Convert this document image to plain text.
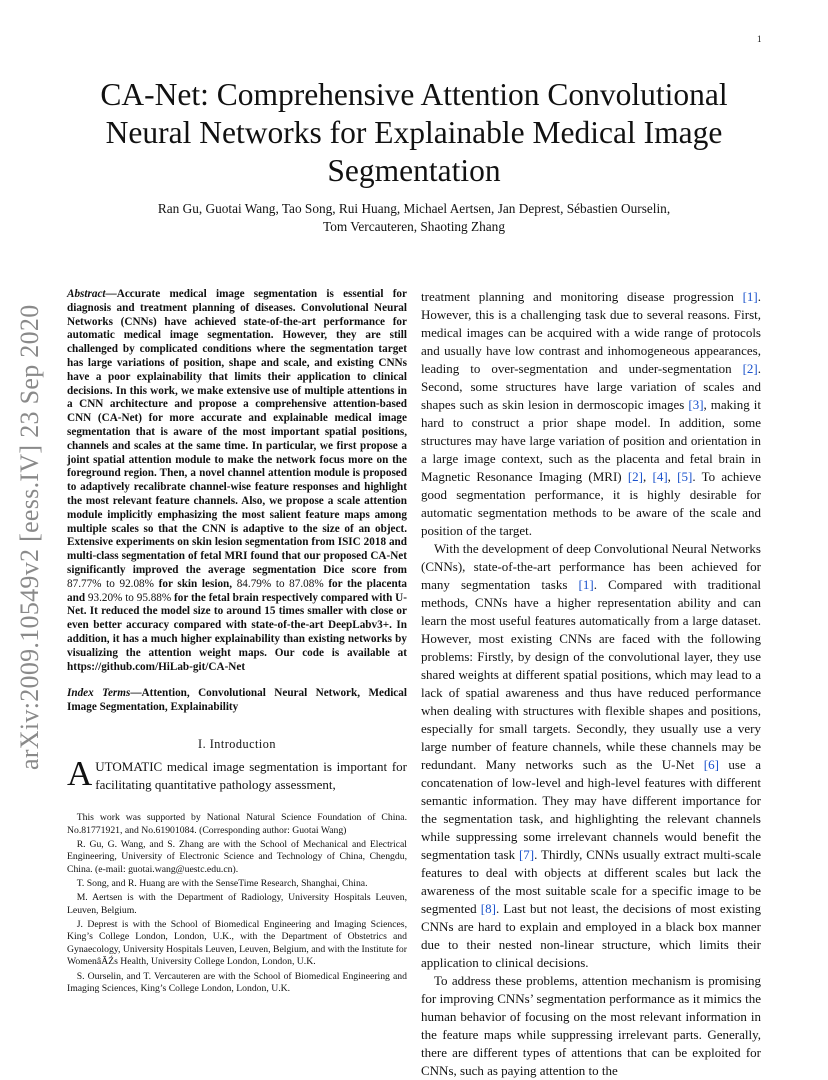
1
arXiv:2009.10549v2 [eess.IV] 23 Sep 2020
CA-Net: Comprehensive Attention Convolutional
Neural Networks for Explainable Medical Image
Segmentation
Ran Gu, Guotai Wang, Tao Song, Rui Huang, Michael Aertsen, Jan Deprest, Sébastien Ourselin,
Tom Vercauteren, Shaoting Zhang

Abstract—Accurate medical image segmentation is essential for diagnosis and treatment planning of diseases. Convolutional Neural Networks (CNNs) have achieved state-of-the-art performance for automatic medical image segmentation. However, they are still challenged by complicated conditions where the segmentation target has large variations of position, shape and scale, and existing CNNs have a poor explainability that limits their application to clinical decisions. In this work, we make extensive use of multiple attentions in a CNN architecture and propose a comprehensive attention-based CNN (CA-Net) for more accurate and explainable medical image segmentation that is aware of the most important spatial positions, channels and scales at the same time. In particular, we first propose a joint spatial attention module to make the network focus more on the foreground region. Then, a novel channel attention module is proposed to adaptively recalibrate channel-wise feature responses and highlight the most relevant feature channels. Also, we propose a scale attention module implicitly emphasizing the most salient feature maps among multiple scales so that the CNN is adaptive to the size of an object. Extensive experiments on skin lesion segmentation from ISIC 2018 and multi-class segmentation of fetal MRI found that our proposed CA-Net significantly improved the average segmentation Dice score from 87.77% to 92.08% for skin lesion, 84.79% to 87.08% for the placenta and 93.20% to 95.88% for the fetal brain respectively compared with U-Net. It reduced the model size to around 15 times smaller with close or even better accuracy compared with state-of-the-art DeepLabv3+. In addition, it has a much higher explainability than existing networks by visualizing the attention weight maps. Our code is available at https://github.com/HiLab-git/CA-Net

Index Terms—Attention, Convolutional Neural Network, Medical Image Segmentation, Explainability

I. Introduction

AUTOMATIC medical image segmentation is important for facilitating quantitative pathology assessment,

This work was supported by National Natural Science Foundation of China. No.81771921, and No.61901084. (Corresponding author: Guotai Wang)

R. Gu, G. Wang, and S. Zhang are with the School of Mechanical and Electrical Engineering, University of Electronic Science and Technology of China, Chengdu, China. (e-mail: guotai.wang@uestc.edu.cn).

T. Song, and R. Huang are with the SenseTime Research, Shanghai, China.

M. Aertsen is with the Department of Radiology, University Hospitals Leuven, Leuven, Belgium.

J. Deprest is with the School of Biomedical Engineering and Imaging Sciences, King’s College London, London, U.K., with the Department of Obstetrics and Gynaecology, University Hospitals Leuven, Leuven, Belgium, and with the Institute for WomenâĂŹs Health, University College London, London, U.K.

S. Ourselin, and T. Vercauteren are with the School of Biomedical Engineering and Imaging Sciences, King’s College London, London, U.K.

treatment planning and monitoring disease progression [1]. However, this is a challenging task due to several reasons. First, medical images can be acquired with a wide range of protocols and usually have low contrast and inhomogeneous appearances, leading to over-segmentation and under-segmentation [2]. Second, some structures have large variation of scales and shapes such as skin lesion in dermoscopic images [3], making it hard to construct a prior shape model. In addition, some structures may have large variation of position and orientation in a large image context, such as the placenta and fetal brain in Magnetic Resonance Imaging (MRI) [2], [4], [5]. To achieve good segmentation performance, it is highly desirable for automatic segmentation methods to be aware of the scale and position of the target.

With the development of deep Convolutional Neural Networks (CNNs), state-of-the-art performance has been achieved for many segmentation tasks [1]. Compared with traditional methods, CNNs have a higher representation ability and can learn the most useful features automatically from a large dataset. However, most existing CNNs are faced with the following problems: Firstly, by design of the convolutional layer, they use shared weights at different spatial positions, which may lead to a lack of spatial awareness and thus have reduced performance when dealing with structures with flexible shapes and positions, especially for small targets. Secondly, they usually use a very large number of feature channels, while these channels may be redundant. Many networks such as the U-Net [6] use a concatenation of low-level and high-level features with different semantic information. They may have different importance for the segmentation task, and highlighting the relevant channels while suppressing some irrelevant channels would benefit the segmentation task [7]. Thirdly, CNNs usually extract multi-scale features to deal with objects at different scales but lack the awareness of the most suitable scale for a specific image to be segmented [8]. Last but not least, the decisions of most existing CNNs are hard to explain and employed in a black box manner due to their nested non-linear structure, which limits their application to clinical decisions.

To address these problems, attention mechanism is promising for improving CNNs’ segmentation performance as it mimics the human behavior of focusing on the most relevant information in the feature maps while suppressing irrelevant parts. Generally, there are different types of attentions that can be exploited for CNNs, such as paying attention to the
